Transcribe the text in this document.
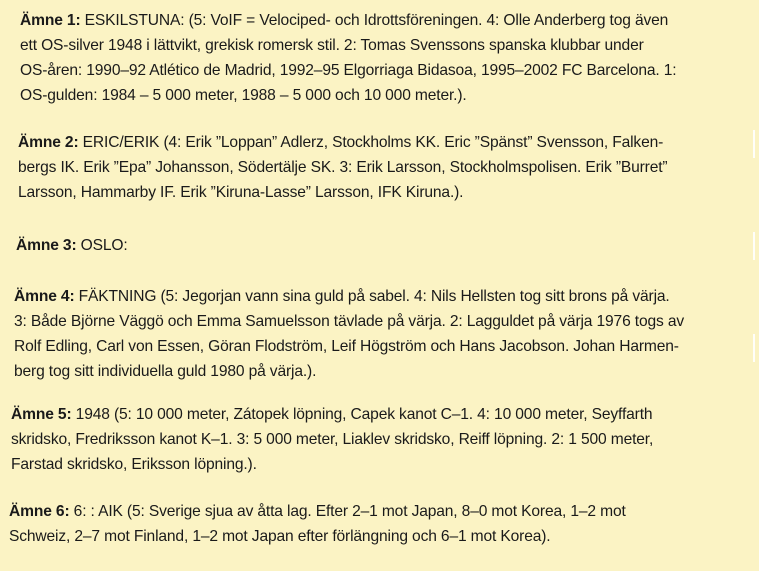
Ämne 1: ESKILSTUNA: (5: VoIF = Velociped- och Idrottsföreningen. 4: Olle Anderberg tog även
ett OS-silver 1948 i lättvikt, grekisk romersk stil. 2: Tomas Svenssons spanska klubbar under
OS-åren: 1990–92 Atlético de Madrid, 1992–95 Elgorriaga Bidasoa, 1995–2002 FC Barcelona. 1:
OS-gulden: 1984 – 5 000 meter, 1988 – 5 000 och 10 000 meter.).
Ämne 2: ERIC/ERIK (4: Erik ”Loppan” Adlerz, Stockholms KK. Eric ”Spänst” Svensson, Falken-
bergs IK. Erik ”Epa” Johansson, Södertälje SK. 3: Erik Larsson, Stockholmspolisen. Erik ”Burret”
Larsson, Hammarby IF. Erik ”Kiruna-Lasse” Larsson, IFK Kiruna.).
Ämne 3: OSLO:
Ämne 4: FÄKTNING (5: Jegorjan vann sina guld på sabel. 4: Nils Hellsten tog sitt brons på värja.
3: Både Björne Väggö och Emma Samuelsson tävlade på värja. 2: Lagguldet på värja 1976 togs av
Rolf Edling, Carl von Essen, Göran Flodström, Leif Högström och Hans Jacobson. Johan Harmen-
berg tog sitt individuella guld 1980 på värja.).
Ämne 5: 1948 (5: 10 000 meter, Zátopek löpning, Capek kanot C–1. 4: 10 000 meter, Seyffarth
skridsko, Fredriksson kanot K–1. 3: 5 000 meter, Liaklev skridsko, Reiff löpning. 2: 1 500 meter,
Farstad skridsko, Eriksson löpning.).
Ämne 6: 6: : AIK (5: Sverige sjua av åtta lag. Efter 2–1 mot Japan, 8–0 mot Korea, 1–2 mot
Schweiz, 2–7 mot Finland, 1–2 mot Japan efter förlängning och 6–1 mot Korea).
